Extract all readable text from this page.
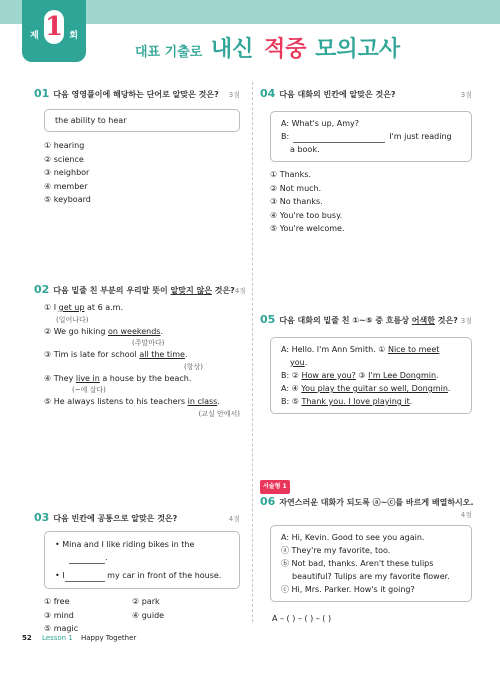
제 1 회
대표 기출로 내신 적중 모의고사
01 다음 영영풀이에 해당하는 단어로 알맞은 것은? 3점
the ability to hear
① hearing
② science
③ neighbor
④ member
⑤ keyboard
02 다음 밑줄 친 부분의 우리말 뜻이 알맞지 않은 것은? 4점
① I get up at 6 a.m.
(일어나다)
② We go hiking on weekends.
(주말마다)
③ Tim is late for school all the time.
(항상)
④ They live in a house by the beach.
(~에 살다)
⑤ He always listens to his teachers in class.
(교실 안에서)
03 다음 빈칸에 공통으로 알맞은 것은?	4점
• Mina and I like riding bikes in the
.
• I	my car in front of the house.
① free	② park
③ mind	④ guide
⑤ magic
04 다음 대화의 빈칸에 알맞은 것은?	3점
A: What's up, Amy?
B:	I'm just reading
a book.
① Thanks.
② Not much.
③ No thanks.
④ You're too busy.
⑤ You're welcome.
05 다음 대화의 밑줄 친 ①~⑤ 중 흐름상 어색한 것은? 3점
A: Hello. I'm Ann Smith. ① Nice to meet
you.
B: ② How are you? ③ I'm Lee Dongmin.
A: ④ You play the guitar so well, Dongmin.
B: ⑤ Thank you. I love playing it.
서술형 1
06 자연스러운 대화가 되도록 ⓐ~ⓒ를 바르게 배열하시오.
4점
A: Hi, Kevin. Good to see you again.
ⓐ They're my favorite, too.
ⓑ Not bad, thanks. Aren't these tulips
beautiful? Tulips are my favorite flower.
ⓒ Hi, Mrs. Parker. How's it going?
A – ( ) – ( ) – ( )
52 Lesson 1 Happy Together
